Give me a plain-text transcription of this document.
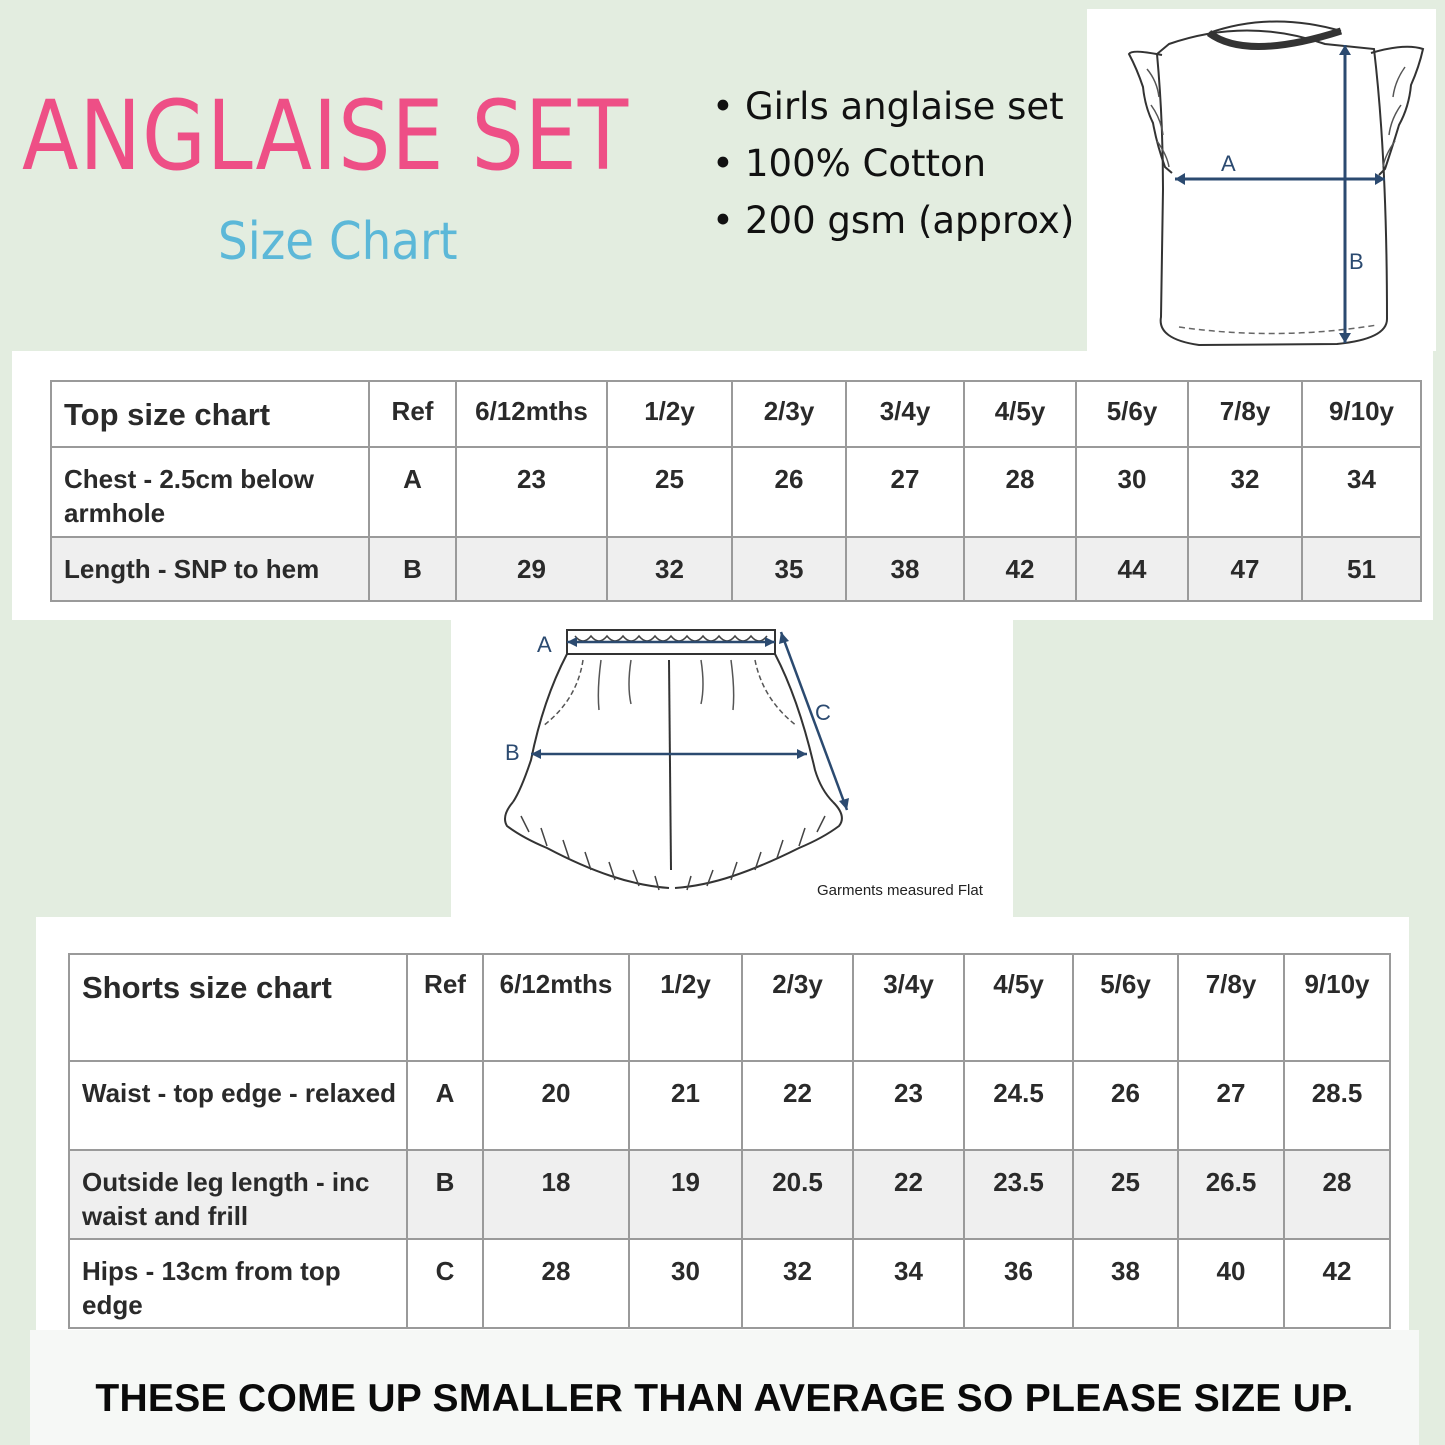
ANGLAISE SET
Size Chart
• Girls anglaise set
• 100% Cotton
• 200 gsm (approx)
A
B
Top size chart	Ref	6/12mths	1/2y	2/3y	3/4y	4/5y	5/6y	7/8y	9/10y
Chest - 2.5cm below armhole	A	23	25	26	27	28	30	32	34
Length - SNP to hem	B	29	32	35	38	42	44	47	51
A
B
C
Garments measured Flat
Shorts size chart	Ref	6/12mths	1/2y	2/3y	3/4y	4/5y	5/6y	7/8y	9/10y
Waist - top edge - relaxed	A	20	21	22	23	24.5	26	27	28.5
Outside leg length - inc waist and frill	B	18	19	20.5	22	23.5	25	26.5	28
Hips - 13cm from top edge	C	28	30	32	34	36	38	40	42
THESE COME UP SMALLER THAN AVERAGE SO PLEASE SIZE UP.
